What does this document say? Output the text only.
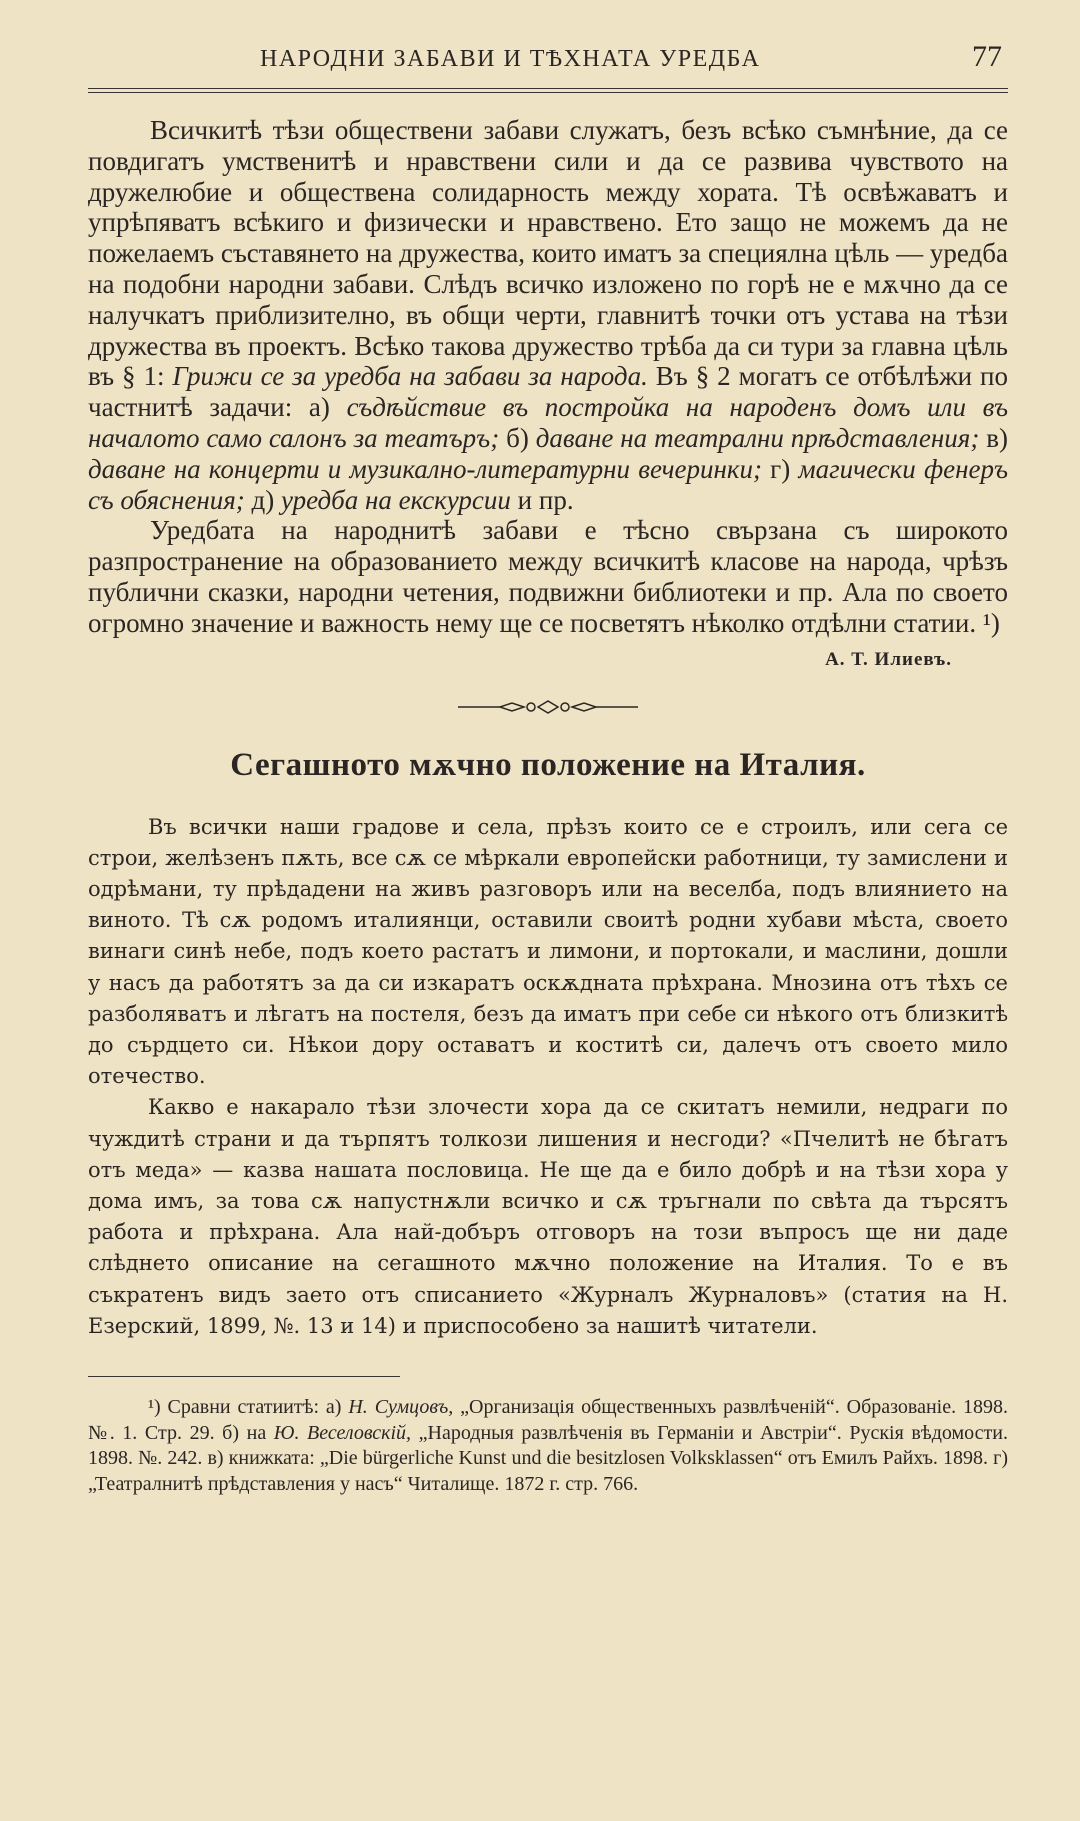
НАРОДНИ ЗАБАВИ И ТѢХНАТА УРЕДБА	77

Всичкитѣ тѣзи обществени забави служатъ, безъ всѣко съмнѣние, да се повдигатъ умственитѣ и нравствени сили и да се развива чувството на дружелюбие и обществена солидарность между хората. Тѣ освѣжаватъ и упрѣпяватъ всѣкиго и физически и нравствено. Ето защо не можемъ да не пожелаемъ съставянето на дружества, които иматъ за специялна цѣль — уредба на подобни народни забави. Слѣдъ всичко изложено по горѣ не е мѫчно да се налучкатъ приблизително, въ общи черти, главнитѣ точки отъ устава на тѣзи дружества въ проектъ. Всѣко такова дружество трѣба да си тури за главна цѣль въ § 1: Грижи се за уредба на забави за народа. Въ § 2 могатъ се отбѣлѣжи по частнитѣ задачи: а) съдѣйствие въ постройка на народенъ домъ или въ началото само салонъ за театъръ; б) даване на театрални прѣдставления; в) даване на концерти и музикално-литературни вечеринки; г) магически фенеръ съ обяснения; д) уредба на екскурсии и пр.

Уредбата на народнитѣ забави е тѣсно свързана съ широкото разпространение на образованието между всичкитѣ класове на народа, чрѣзъ публични сказки, народни четения, подвижни библиотеки и пр. Ала по своето огромно значение и важность нему ще се посветятъ нѣколко отдѣлни статии. ¹)

А. Т. Илиевъ.
Сегашното мѫчно положение на Италия.

Въ всички наши градове и села, прѣзъ които се е строилъ, или сега се строи, желѣзенъ пѫть, все сѫ се мѣркали европейски работници, ту замислени и одрѣмани, ту прѣдадени на живъ разговоръ или на веселба, подъ влиянието на виното. Тѣ сѫ родомъ италиянци, оставили своитѣ родни хубави мѣста, своето винаги синѣ небе, подъ което растатъ и лимони, и портокали, и маслини, дошли у насъ да работятъ за да си изкаратъ оскѫдната прѣхрана. Мнозина отъ тѣхъ се разболяватъ и лѣгатъ на постеля, безъ да иматъ при себе си нѣкого отъ близкитѣ до сърдцето си. Нѣкои дору оставатъ и коститѣ си, далечъ отъ своето мило отечество.

Какво е накарало тѣзи злочести хора да се скитатъ немили, недраги по чуждитѣ страни и да търпятъ толкози лишения и несгоди? «Пчелитѣ не бѣгатъ отъ меда» — казва нашата пословица. Не ще да е било добрѣ и на тѣзи хора у дома имъ, за това сѫ напустнѫли всичко и сѫ тръгнали по свѣта да търсятъ работа и прѣхрана. Ала най-добъръ отговоръ на този въпросъ ще ни даде слѣднето описание на сегашното мѫчно положение на Италия. То е въ съкратенъ видъ заето отъ списанието «Журналъ Журналовъ» (статия на Н. Езерский, 1899, №. 13 и 14) и приспособено за нашитѣ читатели.

¹) Сравни статиитѣ: а) Н. Сумцовъ, „Организація общественныхъ развлѣченій“. Образованіе. 1898. №. 1. Стр. 29. б) на Ю. Веселовскій, „Народныя развлѣченія въ Германіи и Австріи“. Рускія вѣдомости. 1898. №. 242. в) книжката: „Die bürgerliche Kunst und die besitzlosen Volksklassen“ отъ Емилъ Райхъ. 1898. г) „Театралнитѣ прѣдставления у насъ“ Читалище. 1872 г. стр. 766.
